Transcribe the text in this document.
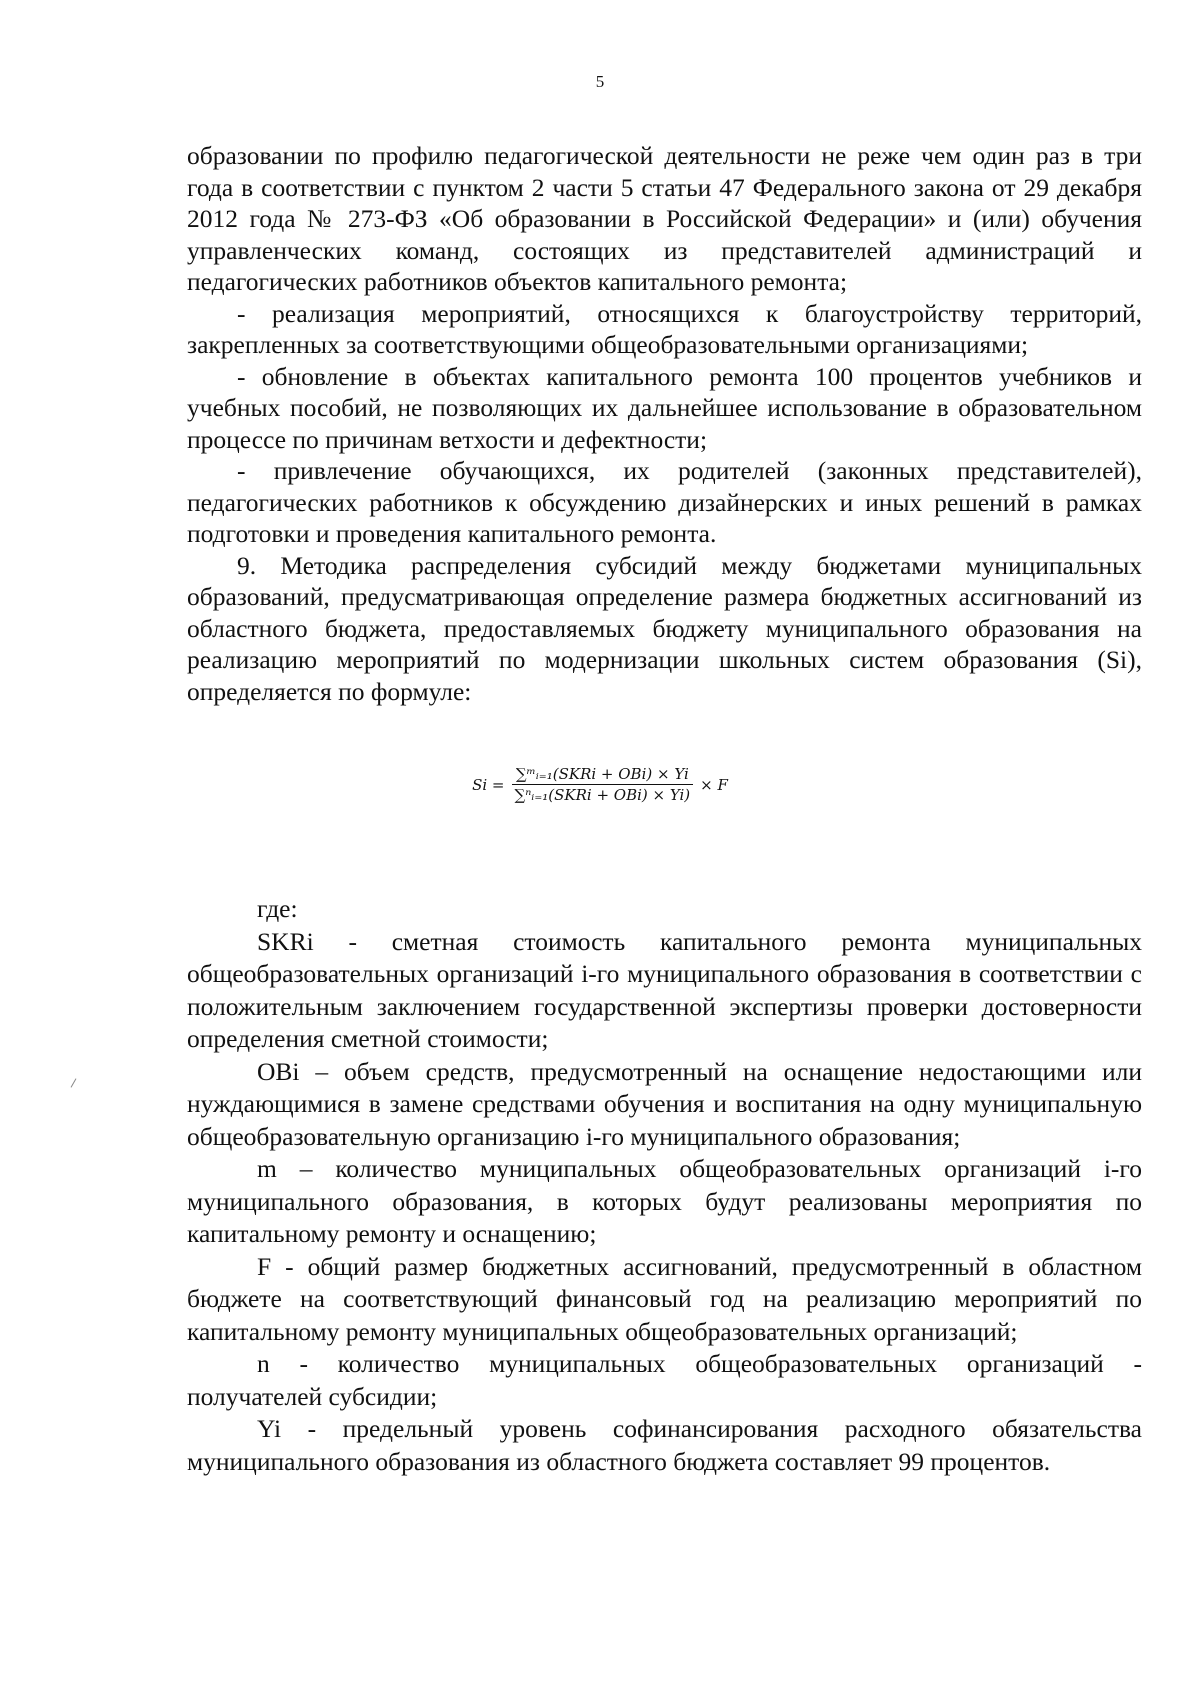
5

образовании по профилю педагогической деятельности не реже чем один раз в три года в соответствии с пунктом 2 части 5 статьи 47 Федерального закона от 29 декабря 2012 года № 273-ФЗ «Об образовании в Российской Федерации» и (или) обучения управленческих команд, состоящих из представителей администраций и педагогических работников объектов капитального ремонта;

- реализация мероприятий, относящихся к благоустройству территорий, закрепленных за соответствующими общеобразовательными организациями;

- обновление в объектах капитального ремонта 100 процентов учебников и учебных пособий, не позволяющих их дальнейшее использование в образовательном процессе по причинам ветхости и дефектности;

- привлечение обучающихся, их родителей (законных представителей), педагогических работников к обсуждению дизайнерских и иных решений в рамках подготовки и проведения капитального ремонта.

9. Методика распределения субсидий между бюджетами муниципальных образований, предусматривающая определение размера бюджетных ассигнований из областного бюджета, предоставляемых бюджету муниципального образования на реализацию мероприятий по модернизации школьных систем образования (Si), определяется по формуле:

$Si = \frac{\text{∑ᵐᵢ₌₁(SKRi + OBi) × Yi}}{\text{∑ⁿᵢ₌₁(SKRi + OBi) × Yi)}} \times F$

где:

SKRi - сметная стоимость капитального ремонта муниципальных общеобразовательных организаций i-го муниципального образования в соответствии с положительным заключением государственной экспертизы проверки достоверности определения сметной стоимости;

OBi – объем средств, предусмотренный на оснащение недостающими или нуждающимися в замене средствами обучения и воспитания на одну муниципальную общеобразовательную организацию i-го муниципального образования;

m – количество муниципальных общеобразовательных организаций i-го муниципального образования, в которых будут реализованы мероприятия по капитальному ремонту и оснащению;

F - общий размер бюджетных ассигнований, предусмотренный в областном бюджете на соответствующий финансовый год на реализацию мероприятий по капитальному ремонту муниципальных общеобразовательных организаций;

n - количество муниципальных общеобразовательных организаций - получателей субсидии;

Yi - предельный уровень софинансирования расходного обязательства муниципального образования из областного бюджета составляет 99 процентов.
